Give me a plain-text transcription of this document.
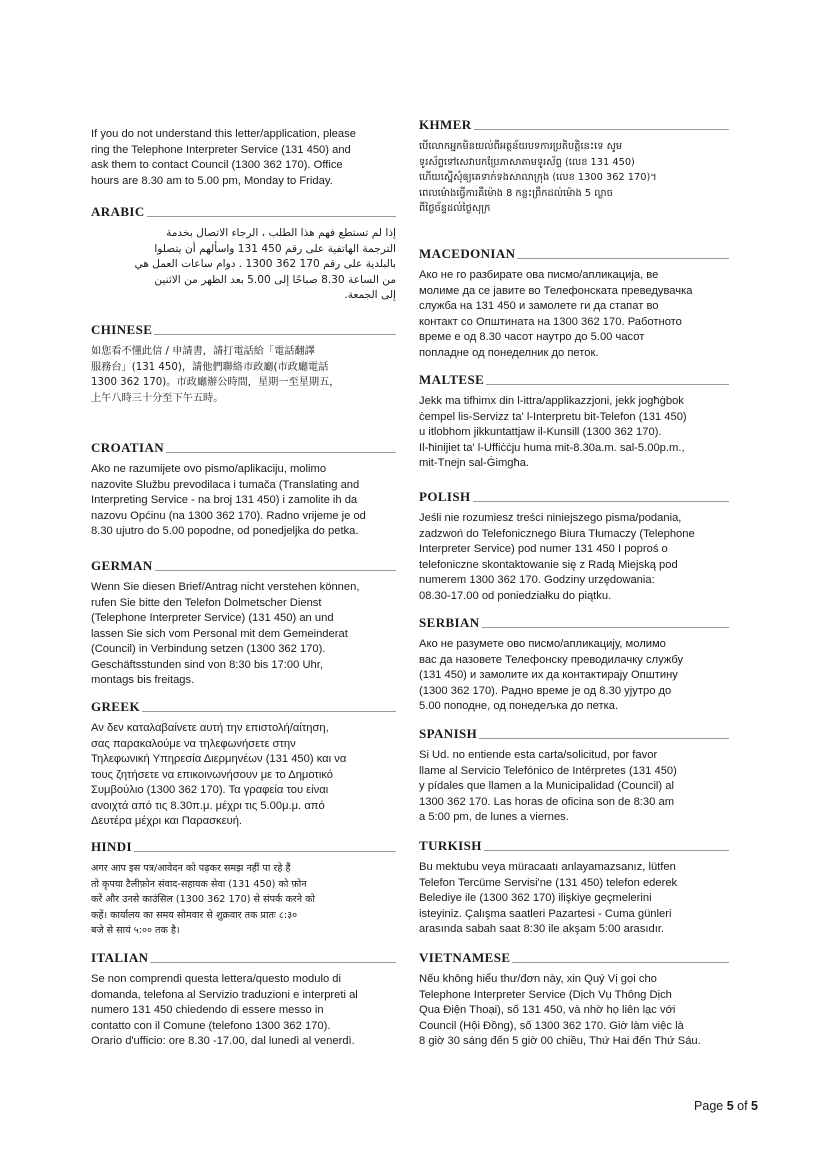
If you do not understand this letter/application, please
ring the Telephone Interpreter Service (131 450) and
ask them to contact Council (1300 362 170). Office
hours are 8.30 am to 5.00 pm, Monday to Friday.

ARABIC

إذا لم تستطع فهم هذا الطلب ، الرجاء الاتصال بخدمة
الترجمة الهاتفية على رقم 450 131 واسألهم أن يتصلوا
بالبلدية على رقم 170 362 1300 . دوام ساعات العمل هي
من الساعة 8.30 صباحًا إلى 5.00 بعد الظهر من الاثنين
إلى الجمعة.

CHINESE

如您看不懂此信 / 申請書，請打電話給「電話翻譯
服務台」(131 450)，請他們聯絡市政廳(市政廳電話
1300 362 170)。市政廳辦公時間，星期一至星期五，
上午八時三十分至下午五時。

CROATIAN

Ako ne razumijete ovo pismo/aplikaciju, molimo
nazovite Službu prevodilaca i tumača (Translating and
Interpreting Service - na broj 131 450) i zamolite ih da
nazovu Općinu (na 1300 362 170). Radno vrijeme je od
8.30 ujutro do 5.00 popodne, od ponedjeljka do petka.

GERMAN

Wenn Sie diesen Brief/Antrag nicht verstehen können,
rufen Sie bitte den Telefon Dolmetscher Dienst
(Telephone Interpreter Service) (131 450) an und
lassen Sie sich vom Personal mit dem Gemeinderat
(Council) in Verbindung setzen (1300 362 170).
Geschäftsstunden sind von 8:30 bis 17:00 Uhr,
montags bis freitags.

GREEK

Αν δεν καταλαβαίνετε αυτή την επιστολή/αίτηση,
σας παρακαλούμε να τηλεφωνήσετε στην
Τηλεφωνική Υπηρεσία Διερμηνέων (131 450) και να
τους ζητήσετε να επικοινωνήσουν με το Δημοτικό
Συμβούλιο (1300 362 170). Τα γραφεία του είναι
ανοιχτά από τις 8.30π.μ. μέχρι τις 5.00μ.μ. από
Δευτέρα μέχρι και Παρασκευή.

HINDI

अगर आप इस पत्र/आवेदन को पढ़कर समझ नहीं पा रहे हैं
तो कृपया टैलीफ़ोन संवाद-सहायक सेवा (131 450) को फ़ोन
करें और उनसे काउंसिल (1300 362 170) से संपर्क करने को
कहें। कार्यालय का समय सोमवार से शुक्रवार तक प्रातः ८:३०
बजे से सायं ५:०० तक है।

ITALIAN

Se non comprendi questa lettera/questo modulo di
domanda, telefona al Servizio traduzioni e interpreti al
numero 131 450 chiedendo di essere messo in
contatto con il Comune (telefono 1300 362 170).
Orario d'ufficio: ore 8.30 -17.00, dal lunedì al venerdì.

KHMER

បើលោកអ្នកមិនយល់ពីអត្ថន័យបទការប្រតិបត្តិនេះទេ សូម
ទូរស័ព្ទទៅសេវាបកប្រែភាសាតាមទូរស័ព្ទ (លេខ 131 450)
ហើយស្នើសុំឲ្យគេទាក់ទងសាលាក្រុង (លេខ 1300 362 170)។
ពេលម៉ោងធ្វើការគឺម៉ោង 8 កន្លះព្រឹកដល់ម៉ោង 5 ល្ងាច
ពីថ្ងៃច័ន្ទដល់ថ្ងៃសុក្រ

MACEDONIAN

Ако не го разбирате ова писмо/апликација, ве
молиме да се јавите во Телефонската преведувачка
служба на 131 450 и замолете ги да стапат во
контакт со Општината на 1300 362 170. Работното
време е од 8.30 часот наутро до 5.00 часот
попладне од понеделник до петок.

MALTESE

Jekk ma tifhimx din l-ittra/applikazzjoni, jekk jogħġbok
ċempel lis-Servizz ta' l-Interpretu bit-Telefon (131 450)
u itlobhom jikkuntattjaw il-Kunsill (1300 362 170).
Il-ħinijiet ta' l-Uffiċċju huma mit-8.30a.m. sal-5.00p.m.,
mit-Tnejn sal-Ġimgħa.

POLISH

Jeśli nie rozumiesz treści niniejszego pisma/podania,
zadzwoń do Telefonicznego Biura Tłumaczy (Telephone
Interpreter Service) pod numer 131 450 I poproś o
telefoniczne skontaktowanie się z Radą Miejską pod
numerem 1300 362 170. Godziny urzędowania:
08.30-17.00 od poniedziałku do piątku.

SERBIAN

Ако не разумете ово писмо/апликацију, молимо
вас да назовете Телефонску преводилачку службу
(131 450) и замолите их да контактирају Општину
(1300 362 170). Радно време је од 8.30 ујутро до
5.00 поподне, од понедељка до петка.

SPANISH

Si Ud. no entiende esta carta/solicitud, por favor
llame al Servicio Telefónico de Intérpretes (131 450)
y pídales que llamen a la Municipalidad (Council) al
1300 362 170. Las horas de oficina son de 8:30 am
a 5:00 pm, de lunes a viernes.

TURKISH

Bu mektubu veya müracaatı anlayamazsanız, lütfen
Telefon Tercüme Servisi'ne (131 450) telefon ederek
Belediye ile (1300 362 170) ilişkiye geçmelerini
isteyiniz. Çalışma saatleri Pazartesi - Cuma günleri
arasında sabah saat 8:30 ile akşam 5:00 arasıdır.

VIETNAMESE

Nếu không hiểu thư/đơn này, xin Quý Vị gọi cho
Telephone Interpreter Service (Dịch Vụ Thông Dịch
Qua Điện Thoại), số 131 450, và nhờ họ liên lạc với
Council (Hội Đồng), số 1300 362 170. Giờ làm việc là
8 giờ 30 sáng đến 5 giờ 00 chiều, Thứ Hai đến Thứ Sáu.

Page 5 of 5
